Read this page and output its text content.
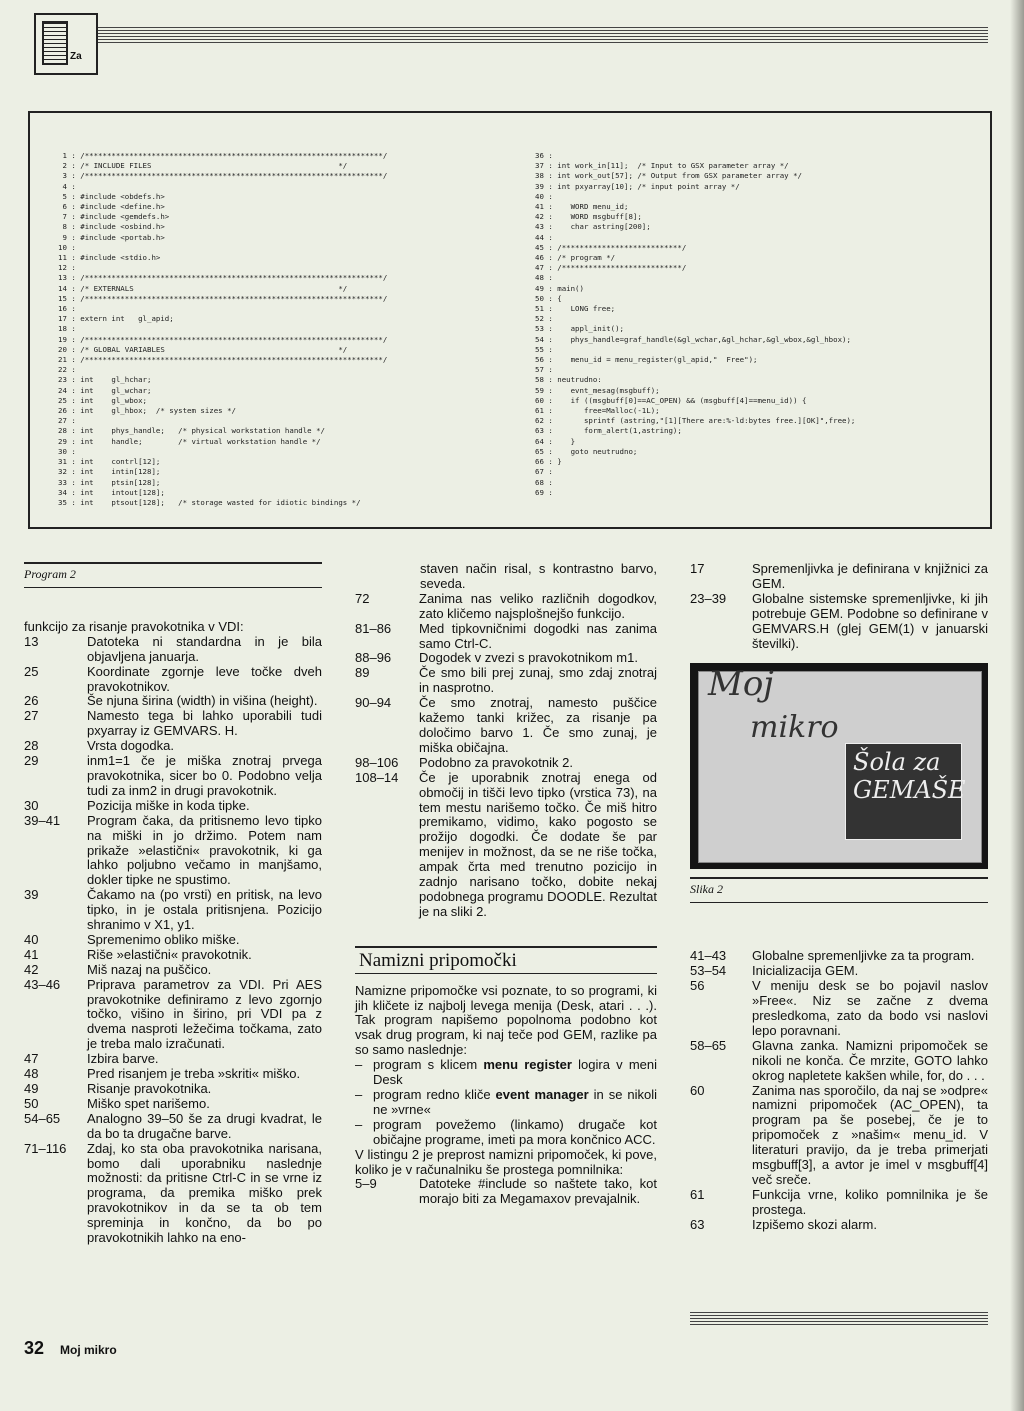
Za
1 : /*******************************************************************/
2 : /* INCLUDE FILES                                          */
3 : /*******************************************************************/
4 :
5 : #include <obdefs.h>
6 : #include <define.h>
7 : #include <gemdefs.h>
8 : #include <osbind.h>
9 : #include <portab.h>
10 :
11 : #include <stdio.h>
12 :
13 : /*******************************************************************/
14 : /* EXTERNALS                                              */
15 : /*******************************************************************/
16 :
17 : extern int   gl_apid;
18 :
19 : /*******************************************************************/
20 : /* GLOBAL VARIABLES                                       */
21 : /*******************************************************************/
22 :
23 : int    gl_hchar;
24 : int    gl_wchar;
25 : int    gl_wbox;
26 : int    gl_hbox;  /* system sizes */
27 :
28 : int    phys_handle;   /* physical workstation handle */
29 : int    handle;        /* virtual workstation handle */
30 :
31 : int    contrl[12];
32 : int    intin[128];
33 : int    ptsin[128];
34 : int    intout[128];
35 : int    ptsout[128];   /* storage wasted for idiotic bindings */
36 :
37 : int work_in[11];  /* Input to GSX parameter array */
38 : int work_out[57]; /* Output from GSX parameter array */
39 : int pxyarray[10]; /* input point array */
40 :
41 :    WORD menu_id;
42 :    WORD msgbuff[8];
43 :    char astring[200];
44 :
45 : /***************************/
46 : /* program */
47 : /***************************/
48 :
49 : main()
50 : {
51 :    LONG free;
52 :
53 :    appl_init();
54 :    phys_handle=graf_handle(&gl_wchar,&gl_hchar,&gl_wbox,&gl_hbox);
55 :
56 :    menu_id = menu_register(gl_apid,"  Free");
57 :
58 : neutrudno:
59 :    evnt_mesag(msgbuff);
60 :    if ((msgbuff[0]==AC_OPEN) && (msgbuff[4]==menu_id)) {
61 :       free=Malloc(-1L);
62 :       sprintf (astring,"[1][There are:%-ld:bytes free.][OK]",free);
63 :       form_alert(1,astring);
64 :    }
65 :    goto neutrudno;
66 : }
67 :
68 :
69 :
Program 2
funkcijo za risanje pravokotnika v VDI:
13	Datoteka ni standardna in je bila objavljena januarja.
25	Koordinate zgornje leve točke dveh pravokotnikov.
26	Še njuna širina (width) in višina (height).
27	Namesto tega bi lahko uporabili tudi pxyarray iz GEMVARS. H.
28	Vrsta dogodka.
29	inm1=1 če je miška znotraj prvega pravokotnika, sicer bo 0. Podobno velja tudi za inm2 in drugi pravokotnik.
30	Pozicija miške in koda tipke.
39–41	Program čaka, da pritisnemo levo tipko na miški in jo držimo. Potem nam prikaže »elastični« pravokotnik, ki ga lahko poljubno večamo in manjšamo, dokler tipke ne spustimo.
39	Čakamo na (po vrsti) en pritisk, na levo tipko, in je ostala pritisnjena. Pozicijo shranimo v X1, y1.
40	Spremenimo obliko miške.
41	Riše »elastični« pravokotnik.
42	Miš nazaj na puščico.
43–46	Priprava parametrov za VDI. Pri AES pravokotnike definiramo z levo zgornjo točko, višino in širino, pri VDI pa z dvema nasproti ležečima točkama, zato je treba malo izračunati.
47	Izbira barve.
48	Pred risanjem je treba »skriti« miško.
49	Risanje pravokotnika.
50	Miško spet narišemo.
54–65	Analogno 39–50 še za drugi kvadrat, le da bo ta drugačne barve.
71–116	Zdaj, ko sta oba pravokotnika narisana, bomo dali uporabniku naslednje možnosti: da pritisne Ctrl-C in se vrne iz programa, da premika miško prek pravokotnikov in da se ta ob tem spreminja in končno, da bo po pravokotnikih lahko na eno-
staven način risal, s kontrastno barvo, seveda.
72	Zanima nas veliko različnih dogodkov, zato kličemo najsplošnejšo funkcijo.
81–86	Med tipkovničnimi dogodki nas zanima samo Ctrl-C.
88–96	Dogodek v zvezi s pravokotnikom m1.
89	Če smo bili prej zunaj, smo zdaj znotraj in nasprotno.
90–94	Če smo znotraj, namesto puščice kažemo tanki križec, za risanje pa določimo barvo 1. Če smo zunaj, je miška običajna.
98–106	Podobno za pravokotnik 2.
108–14	Če je uporabnik znotraj enega od območij in tišči levo tipko (vrstica 73), na tem mestu narišemo točko. Če miš hitro premikamo, vidimo, kako pogosto se prožijo dogodki. Če dodate še par menijev in možnost, da se ne riše točka, ampak črta med trenutno pozicijo in zadnjo narisano točko, dobite nekaj podobnega programu DOODLE. Rezultat je na sliki 2.
Namizni pripomočki

Namizne pripomočke vsi poznate, to so programi, ki jih kličete iz najbolj levega menija (Desk, atari . . .). Tak program napišemo popolnoma podobno kot vsak drug program, ki naj teče pod GEM, razlike pa so samo naslednje:

– program s klicem menu register logira v meni Desk
– program redno kliče event manager in se nikoli ne »vrne«
– program povežemo (linkamo) drugače kot običajne programe, imeti pa mora končnico ACC.

V listingu 2 je preprost namizni pripomoček, ki pove, koliko je v računalniku še prostega pomnilnika:

5–9	Datoteke #include so naštete tako, kot morajo biti za Megamaxov prevajalnik.
17	Spremenljivka je definirana v knjižnici za GEM.
23–39	Globalne sistemske spremenljivke, ki jih potrebuje GEM. Podobne so definirane v GEMVARS.H (glej GEM(1) v januarski številki).
Moj
mikro
Šola za
GEMAŠE
Slika 2
41–43	Globalne spremenljivke za ta program.
53–54	Inicializacija GEM.
56	V meniju desk se bo pojavil naslov »Free«. Niz se začne z dvema presledkoma, zato da bodo vsi naslovi lepo poravnani.
58–65	Glavna zanka. Namizni pripomoček se nikoli ne konča. Če mrzite, GOTO lahko okrog napletete kakšen while, for, do . . .
60	Zanima nas sporočilo, da naj se »odpre« namizni pripomoček (AC_OPEN), ta program pa še posebej, če je to pripomoček z »našim« menu_id. V literaturi pravijo, da je treba primerjati msgbuff[3], a avtor je imel v msgbuff[4] več sreče.
61	Funkcija vrne, koliko pomnilnika je še prostega.
63	Izpišemo skozi alarm.
32 Moj mikro
